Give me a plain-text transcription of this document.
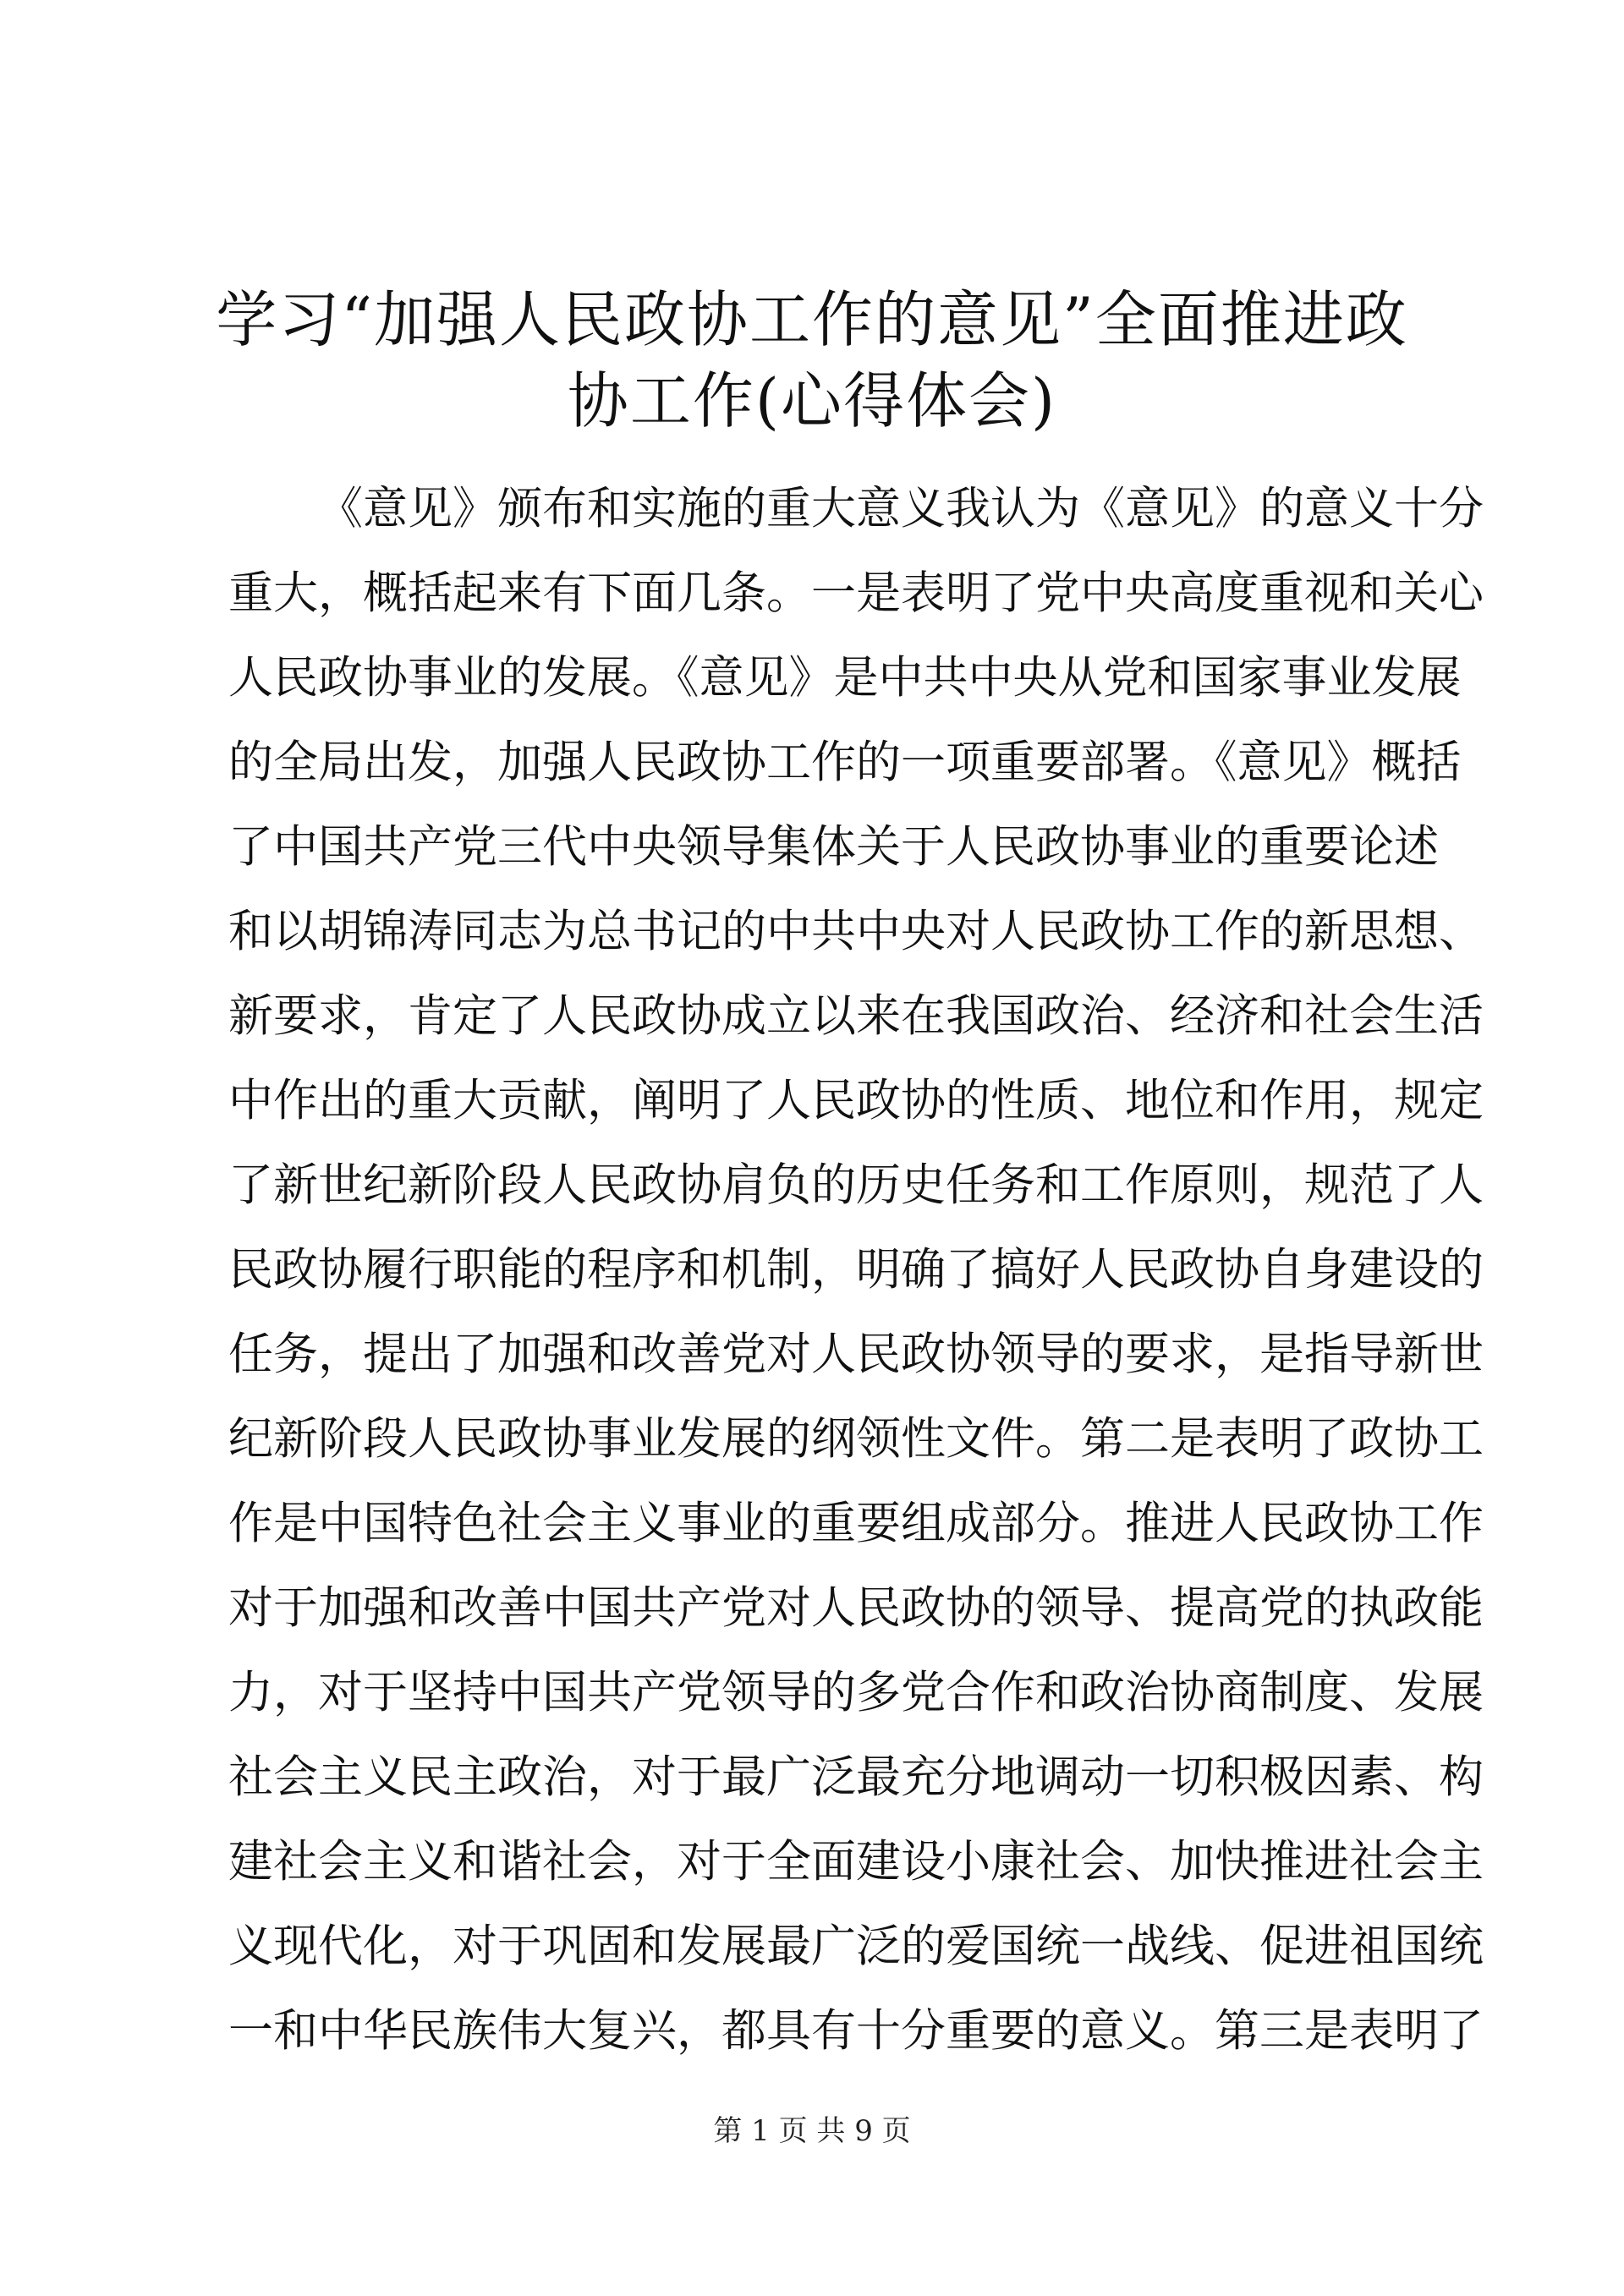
学习“加强人民政协工作的意见”全面推进政
协工作(心得体会)
《意见》颁布和实施的重大意义我认为《意见》的意义十分
重大，概括起来有下面几条。一是表明了党中央高度重视和关心
人民政协事业的发展。《意见》是中共中央从党和国家事业发展
的全局出发，加强人民政协工作的一项重要部署。《意见》概括
了中国共产党三代中央领导集体关于人民政协事业的重要论述
和以胡锦涛同志为总书记的中共中央对人民政协工作的新思想、
新要求，肯定了人民政协成立以来在我国政治、经济和社会生活
中作出的重大贡献，阐明了人民政协的性质、地位和作用，规定
了新世纪新阶段人民政协肩负的历史任务和工作原则，规范了人
民政协履行职能的程序和机制，明确了搞好人民政协自身建设的
任务，提出了加强和改善党对人民政协领导的要求，是指导新世
纪新阶段人民政协事业发展的纲领性文件。第二是表明了政协工
作是中国特色社会主义事业的重要组成部分。推进人民政协工作
对于加强和改善中国共产党对人民政协的领导、提高党的执政能
力，对于坚持中国共产党领导的多党合作和政治协商制度、发展
社会主义民主政治，对于最广泛最充分地调动一切积极因素、构
建社会主义和谐社会，对于全面建设小康社会、加快推进社会主
义现代化，对于巩固和发展最广泛的爱国统一战线、促进祖国统
一和中华民族伟大复兴，都具有十分重要的意义。第三是表明了
第 1 页 共 9 页
